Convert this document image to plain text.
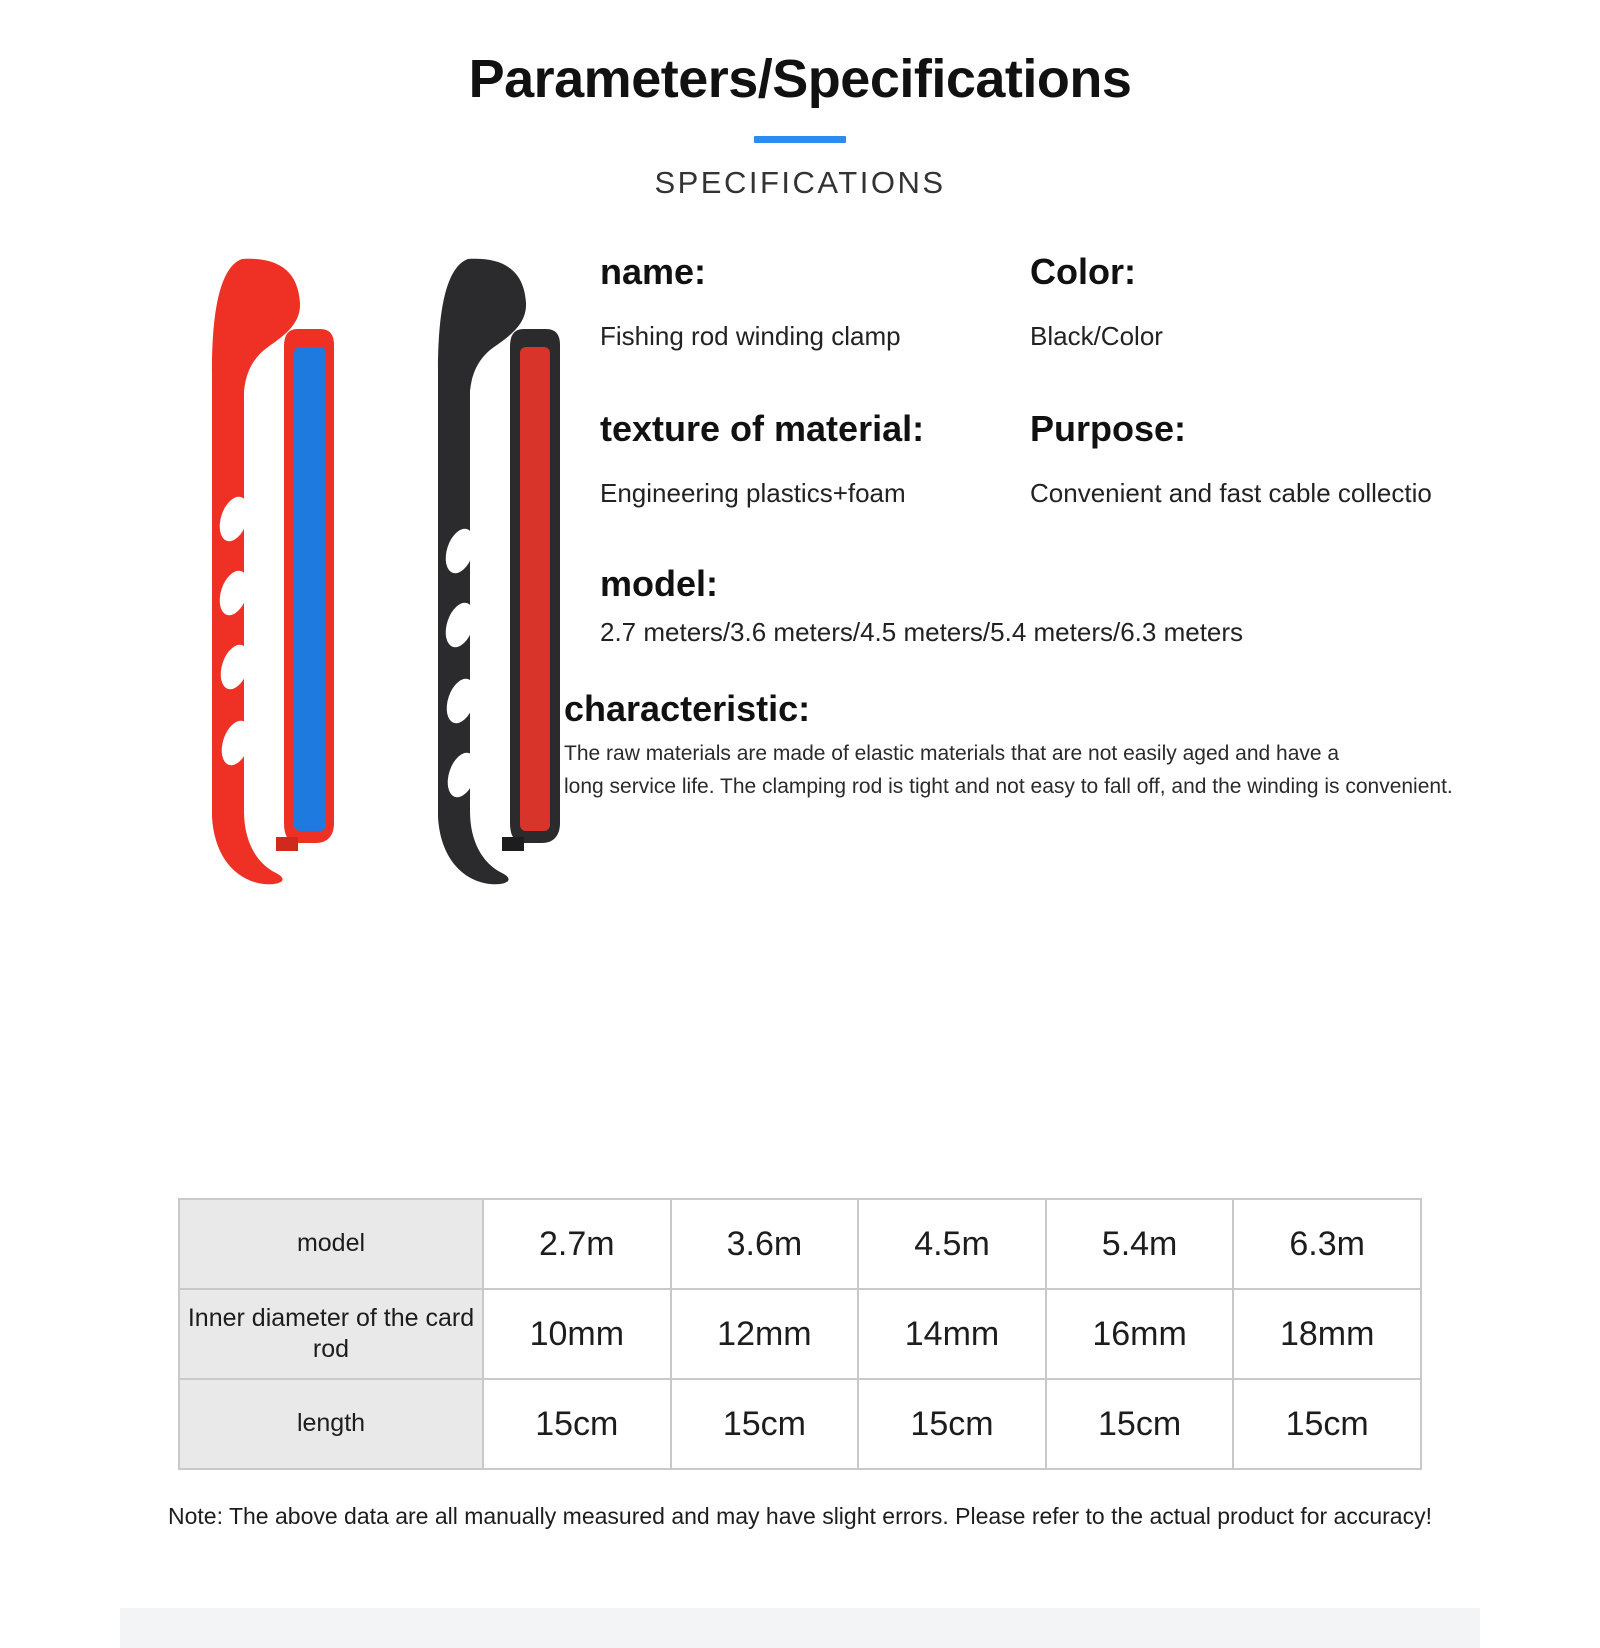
Parameters/Specifications
SPECIFICATIONS
name:	Color:
Fishing rod winding clamp	Black/Color
texture of material:	Purpose:
Engineering plastics+foam	Convenient and fast cable collectio
model:
2.7 meters/3.6 meters/4.5 meters/5.4 meters/6.3 meters
characteristic:
The raw materials are made of elastic materials that are not easily aged and have a
long service life. The clamping rod is tight and not easy to fall off, and the winding is convenient.
model	2.7m	3.6m	4.5m	5.4m	6.3m
Inner diameter of the card rod	10mm	12mm	14mm	16mm	18mm
length	15cm	15cm	15cm	15cm	15cm
Note: The above data are all manually measured and may have slight errors. Please refer to the actual product for accuracy!
